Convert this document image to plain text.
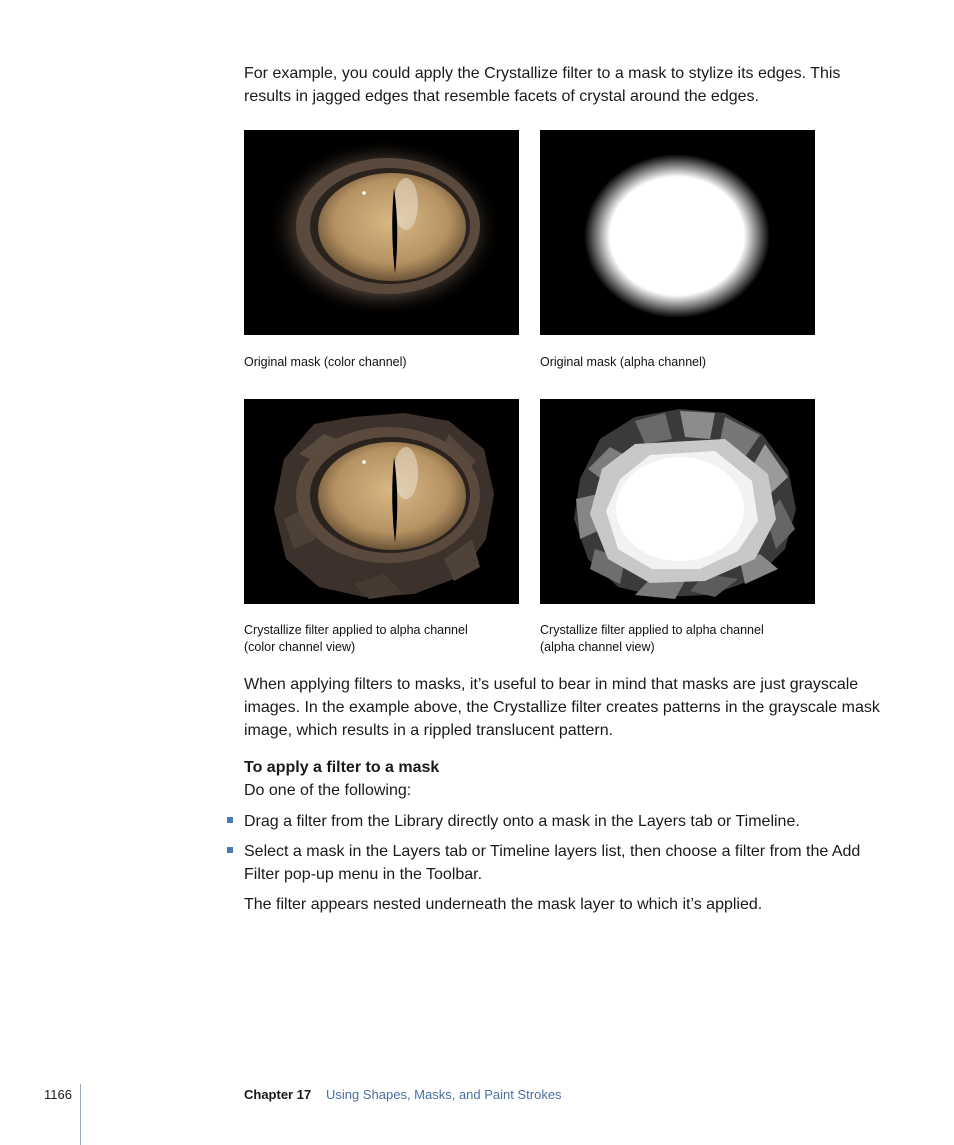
For example, you could apply the Crystallize filter to a mask to stylize its edges. This results in jagged edges that resemble facets of crystal around the edges.

Original mask (color channel)	Original mask (alpha channel)
Crystallize filter applied to alpha channel
(color channel view)
Crystallize filter applied to alpha channel
(alpha channel view)

When applying filters to masks, it’s useful to bear in mind that masks are just grayscale images. In the example above, the Crystallize filter creates patterns in the grayscale mask image, which results in a rippled translucent pattern.

To apply a filter to a mask

Do one of the following:

Drag a filter from the Library directly onto a mask in the Layers tab or Timeline.
Select a mask in the Layers tab or Timeline layers list, then choose a filter from the Add Filter pop-up menu in the Toolbar.

The filter appears nested underneath the mask layer to which it’s applied.

1166	Chapter 17 Using Shapes, Masks, and Paint Strokes
